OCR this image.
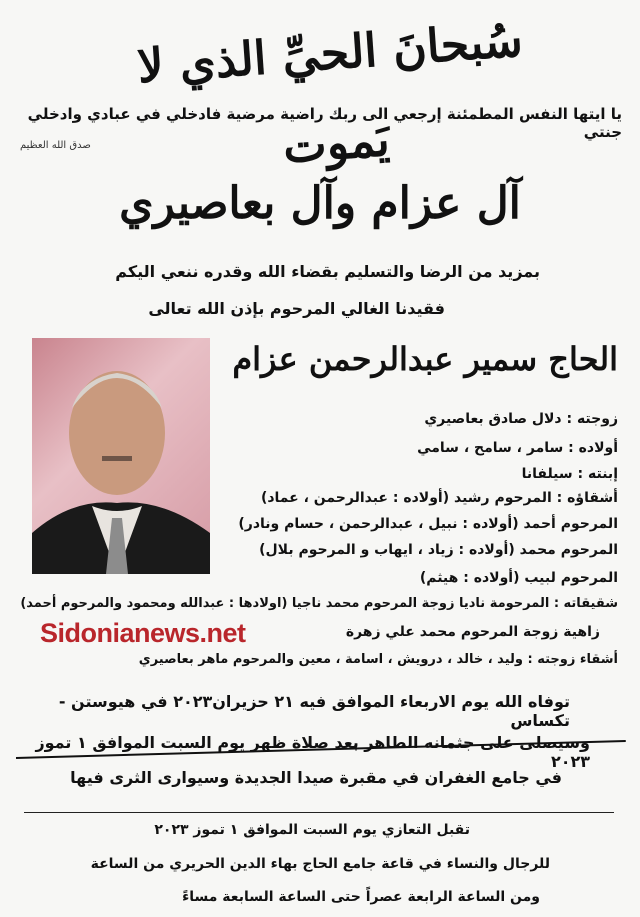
سُبحانَ الحيِّ الذي لا يَموت
يا ايتها النفس المطمئنة إرجعي الى ربك راضية مرضية فادخلي في عبادي وادخلي جنتي
صدق الله العظيم
آل عزام وآل بعاصيري
بمزيد من الرضا والتسليم بقضاء الله وقدره ننعي اليكم
فقيدنا الغالي المرحوم بإذن الله تعالى
الحاج سمير عبدالرحمن عزام
زوجته : دلال صادق بعاصيري
أولاده : سامر ، سامح ، سامي
إبنته : سيلفانا
أشقاؤه : المرحوم رشيد (أولاده : عبدالرحمن ، عماد)
المرحوم أحمد (أولاده : نبيل ، عبدالرحمن ، حسام ونادر)
المرحوم محمد (أولاده : زياد ، ايهاب و المرحوم بلال)
المرحوم لبيب (أولاده : هيثم)
شقيقاته : المرحومة ناديا زوجة المرحوم محمد ناجيا (اولادها : عبدالله ومحمود والمرحوم أحمد)
زاهية زوجة المرحوم محمد علي زهرة
أشقاء زوجته : وليد ، خالد ، درويش ، اسامة ، معين والمرحوم ماهر بعاصيري
Sidonianews.net
توفاه الله يوم الاربعاء الموافق فيه ٢١ حزيران٢٠٢٣ في هيوستن - تكساس
وسيصلى على جثمانه الطاهر بعد صلاة ظهر يوم السبت الموافق ١ تموز ٢٠٢٣
في جامع الغفران في مقبرة صيدا الجديدة وسيوارى الثرى فيها
تقبل التعازي يوم السبت الموافق ١ تموز ٢٠٢٣
للرجال والنساء في قاعة جامع الحاج بهاء الدين الحريري من الساعة
ومن الساعة الرابعة عصراً حتى الساعة السابعة مساءً
